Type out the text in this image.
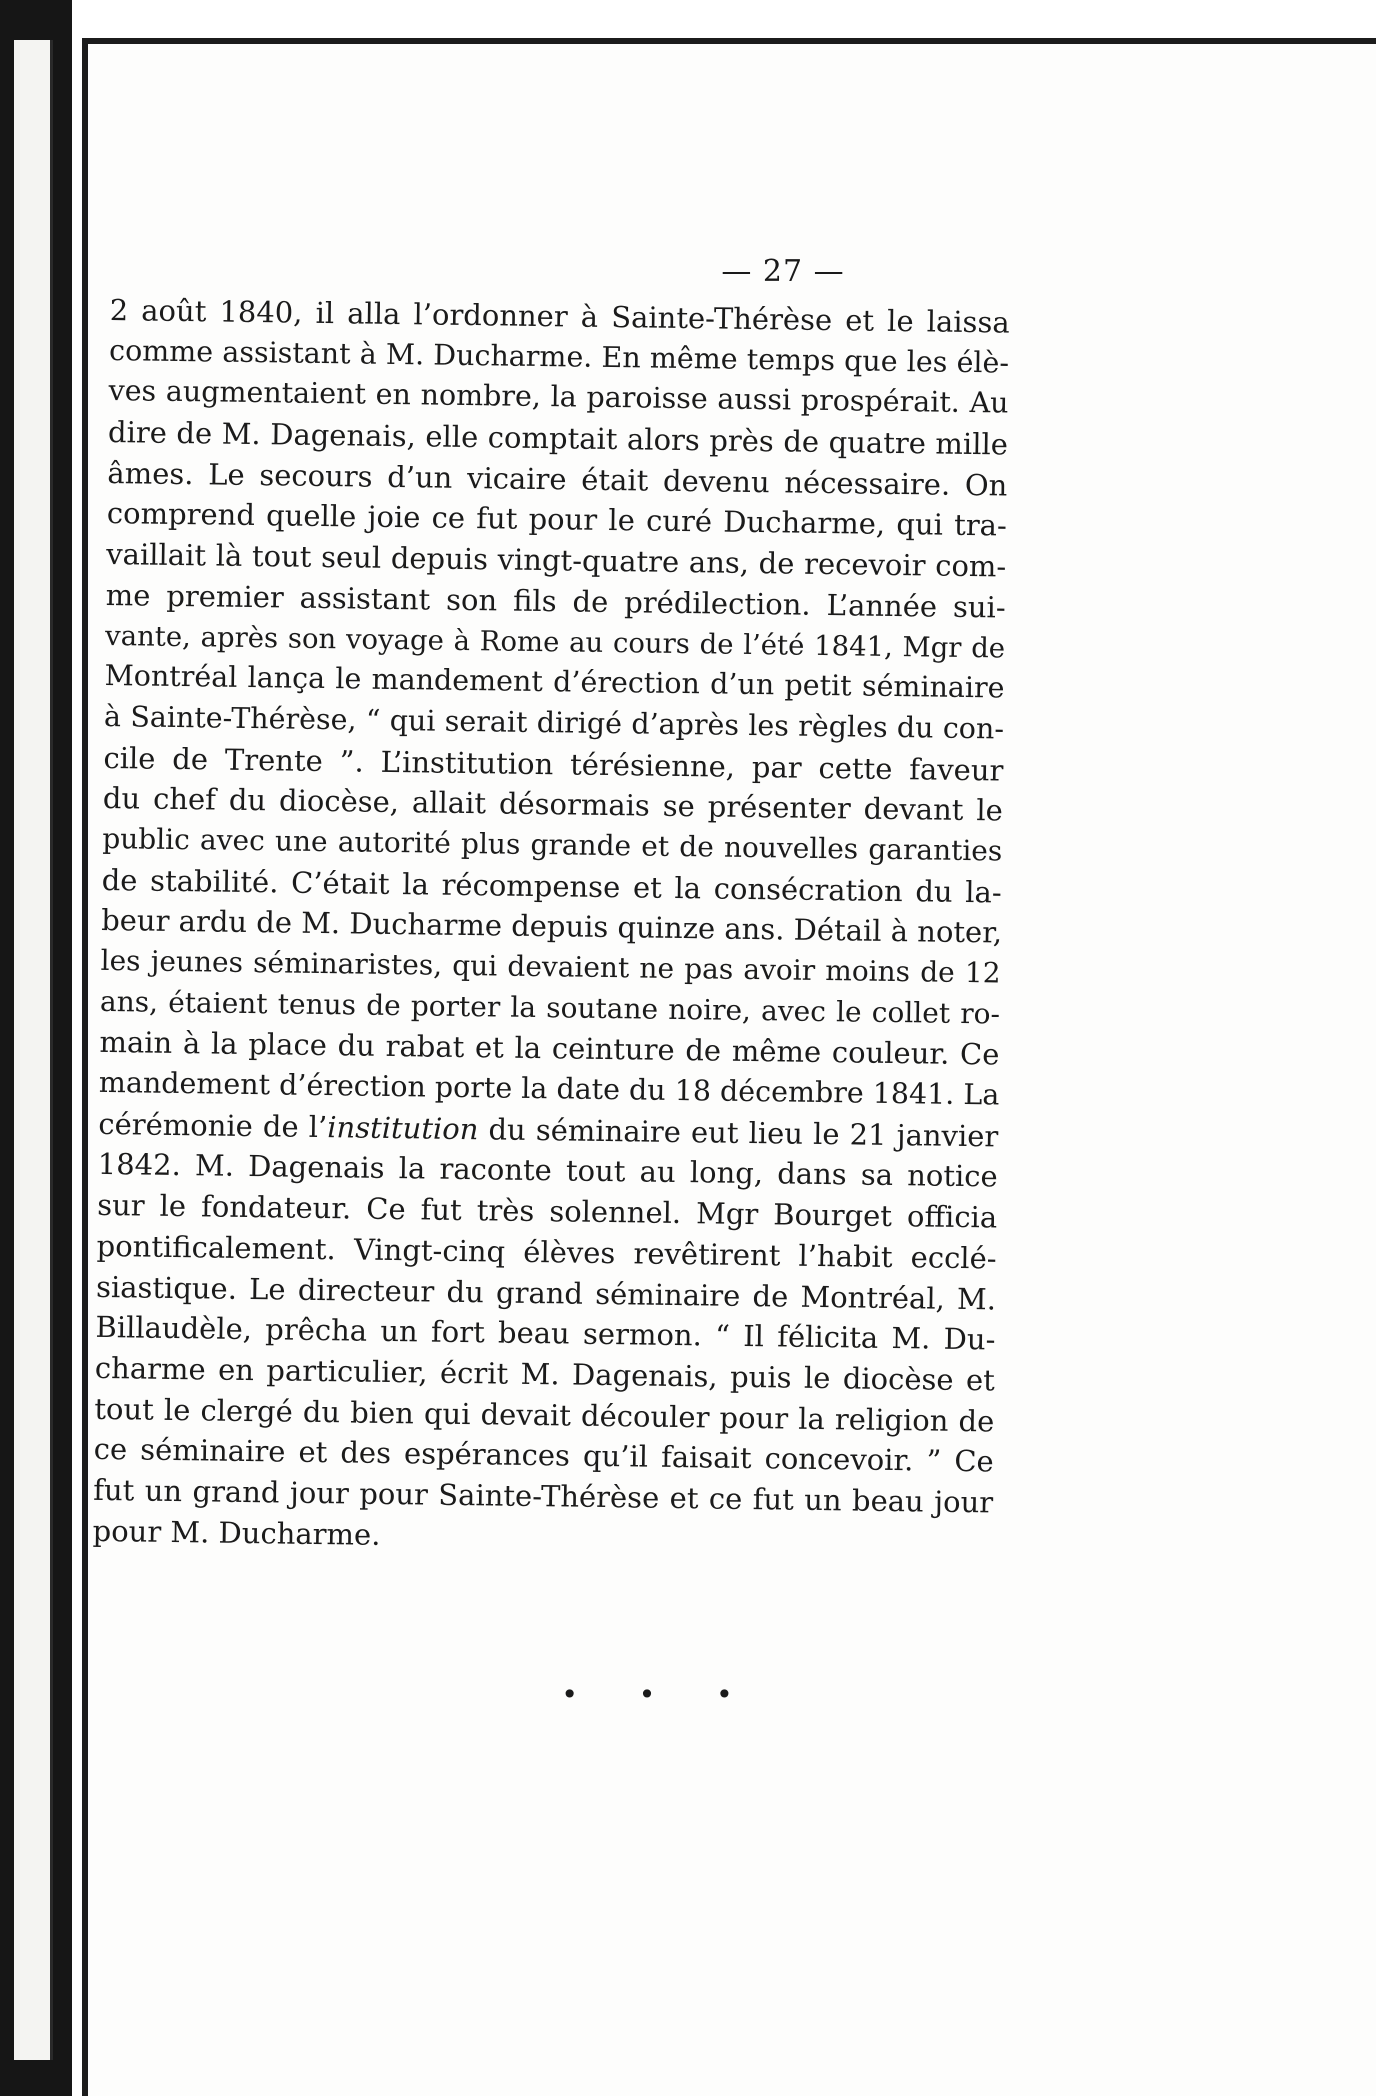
— 27 —
2 août 1840, il alla l’ordonner à Sainte-Thérèse et le laissa
comme assistant à M. Ducharme. En même temps que les élè-
ves augmentaient en nombre, la paroisse aussi prospérait. Au
dire de M. Dagenais, elle comptait alors près de quatre mille
âmes. Le secours d’un vicaire était devenu nécessaire. On
comprend quelle joie ce fut pour le curé Ducharme, qui tra-
vaillait là tout seul depuis vingt-quatre ans, de recevoir com-
me premier assistant son fils de prédilection. L’année sui-
vante, après son voyage à Rome au cours de l’été 1841, Mgr de
Montréal lança le mandement d’érection d’un petit séminaire
à Sainte-Thérèse, “ qui serait dirigé d’après les règles du con-
cile de Trente ”. L’institution térésienne, par cette faveur
du chef du diocèse, allait désormais se présenter devant le
public avec une autorité plus grande et de nouvelles garanties
de stabilité. C’était la récompense et la consécration du la-
beur ardu de M. Ducharme depuis quinze ans. Détail à noter,
les jeunes séminaristes, qui devaient ne pas avoir moins de 12
ans, étaient tenus de porter la soutane noire, avec le collet ro-
main à la place du rabat et la ceinture de même couleur. Ce
mandement d’érection porte la date du 18 décembre 1841. La
cérémonie de l’institution du séminaire eut lieu le 21 janvier
1842. M. Dagenais la raconte tout au long, dans sa notice
sur le fondateur. Ce fut très solennel. Mgr Bourget officia
pontificalement. Vingt-cinq élèves revêtirent l’habit ecclé-
siastique. Le directeur du grand séminaire de Montréal, M.
Billaudèle, prêcha un fort beau sermon. “ Il félicita M. Du-
charme en particulier, écrit M. Dagenais, puis le diocèse et
tout le clergé du bien qui devait découler pour la religion de
ce séminaire et des espérances qu’il faisait concevoir. ” Ce
fut un grand jour pour Sainte-Thérèse et ce fut un beau jour
pour M. Ducharme.
• • •
